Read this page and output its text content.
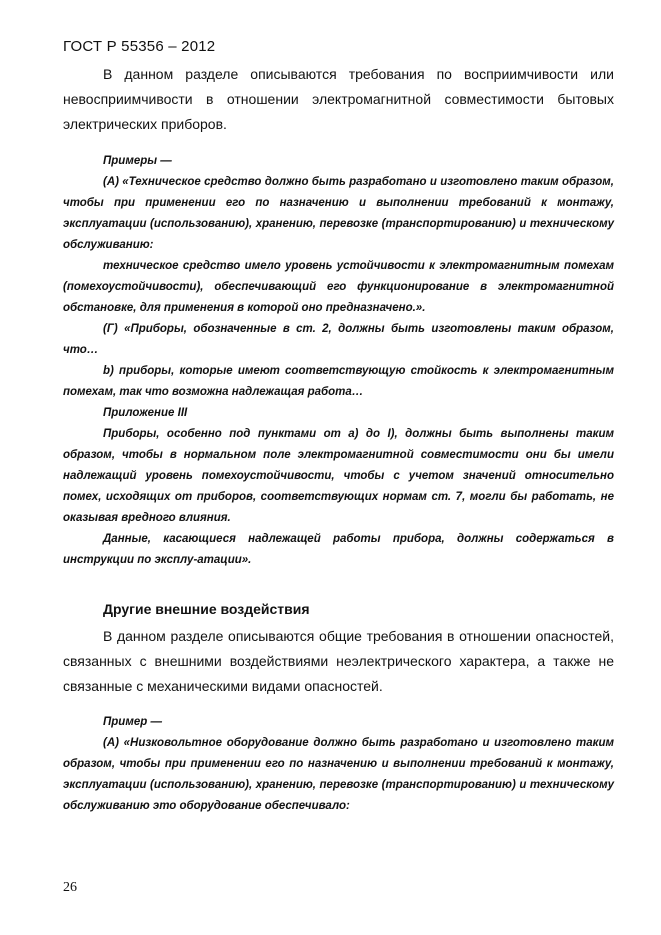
ГОСТ Р 55356 – 2012

В данном разделе описываются требования по восприимчивости или невосприимчивости в отношении электромагнитной совместимости бытовых электрических приборов.

Примеры —

(A) «Техническое средство должно быть разработано и изготовлено таким образом, чтобы при применении его по назначению и выполнении требований к монтажу, эксплуатации (использованию), хранению, перевозке (транспортированию) и техническому обслуживанию:

техническое средство имело уровень устойчивости к электромагнитным помехам (помехоустойчивости), обеспечивающий его функционирование в электромагнитной обстановке, для применения в которой оно предназначено.».

(Г) «Приборы, обозначенные в ст. 2, должны быть изготовлены таким образом, что…

b) приборы, которые имеют соответствующую стойкость к электромагнитным помехам, так что возможна надлежащая работа…

Приложение III

Приборы, особенно под пунктами от a) до I), должны быть выполнены таким образом, чтобы в нормальном поле электромагнитной совместимости они бы имели надлежащий уровень помехоустойчивости, чтобы с учетом значений относительно помех, исходящих от приборов, соответствующих нормам ст. 7, могли бы работать, не оказывая вредного влияния.

Данные, касающиеся надлежащей работы прибора, должны содержаться в инструкции по эксплу-атации».

Другие внешние воздействия

В данном разделе описываются общие требования в отношении опасностей, связанных с внешними воздействиями неэлектрического характера, а также не связанные с механическими видами опасностей.

Пример —

(A) «Низковольтное оборудование должно быть разработано и изготовлено таким образом, чтобы при применении его по назначению и выполнении требований к монтажу, эксплуатации (использованию), хранению, перевозке (транспортированию) и техническому обслуживанию это оборудование обеспечивало:

26
